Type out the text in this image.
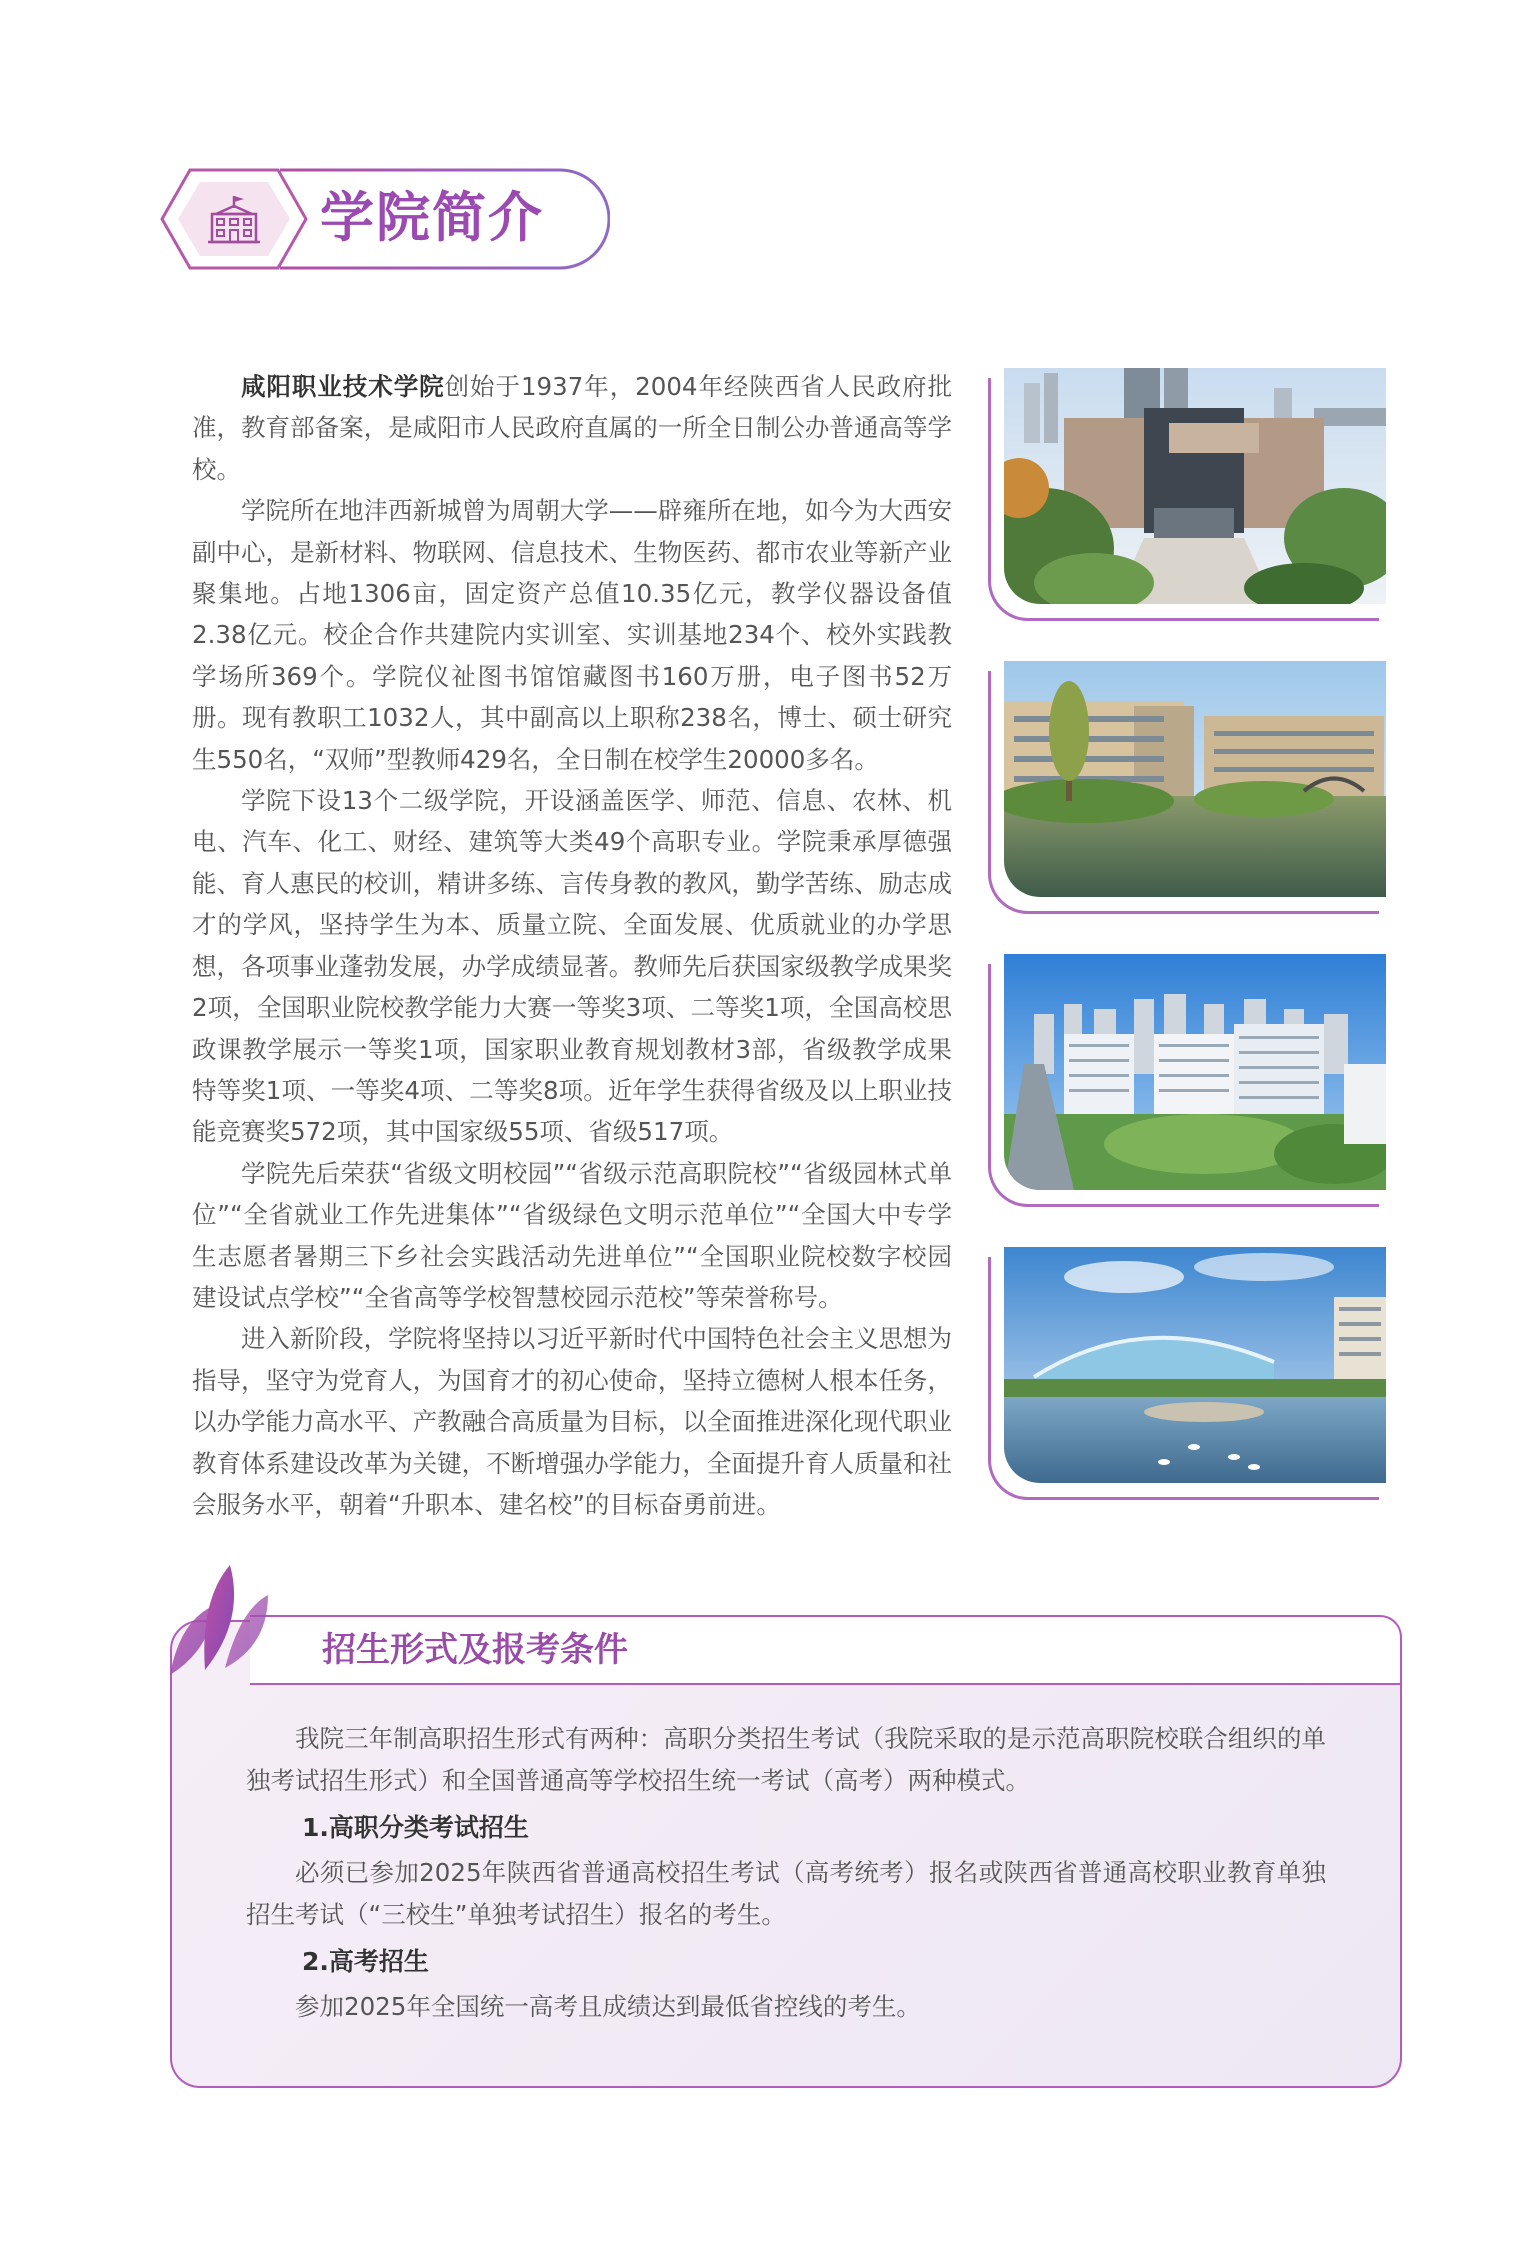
学院简介

咸阳职业技术学院创始于1937年，2004年经陕西省人民政府批准，教育部备案，是咸阳市人民政府直属的一所全日制公办普通高等学校。

学院所在地沣西新城曾为周朝大学——辟雍所在地，如今为大西安副中心，是新材料、物联网、信息技术、生物医药、都市农业等新产业聚集地。占地1306亩，固定资产总值10.35亿元，教学仪器设备值2.38亿元。校企合作共建院内实训室、实训基地234个、校外实践教学场所369个。学院仪祉图书馆馆藏图书160万册，电子图书52万册。现有教职工1032人，其中副高以上职称238名，博士、硕士研究生550名，“双师”型教师429名，全日制在校学生20000多名。

学院下设13个二级学院，开设涵盖医学、师范、信息、农林、机电、汽车、化工、财经、建筑等大类49个高职专业。学院秉承厚德强能、育人惠民的校训，精讲多练、言传身教的教风，勤学苦练、励志成才的学风，坚持学生为本、质量立院、全面发展、优质就业的办学思想，各项事业蓬勃发展，办学成绩显著。教师先后获国家级教学成果奖2项，全国职业院校教学能力大赛一等奖3项、二等奖1项，全国高校思政课教学展示一等奖1项，国家职业教育规划教材3部，省级教学成果特等奖1项、一等奖4项、二等奖8项。近年学生获得省级及以上职业技能竞赛奖572项，其中国家级55项、省级517项。

学院先后荣获“省级文明校园”“省级示范高职院校”“省级园林式单位”“全省就业工作先进集体”“省级绿色文明示范单位”“全国大中专学生志愿者暑期三下乡社会实践活动先进单位”“全国职业院校数字校园建设试点学校”“全省高等学校智慧校园示范校”等荣誉称号。

进入新阶段，学院将坚持以习近平新时代中国特色社会主义思想为指导，坚守为党育人，为国育才的初心使命，坚持立德树人根本任务，以办学能力高水平、产教融合高质量为目标，以全面推进深化现代职业教育体系建设改革为关键，不断增强办学能力，全面提升育人质量和社会服务水平，朝着“升职本、建名校”的目标奋勇前进。

招生形式及报考条件

我院三年制高职招生形式有两种：高职分类招生考试（我院采取的是示范高职院校联合组织的单独考试招生形式）和全国普通高等学校招生统一考试（高考）两种模式。

1.高职分类考试招生

必须已参加2025年陕西省普通高校招生考试（高考统考）报名或陕西省普通高校职业教育单独招生考试（“三校生”单独考试招生）报名的考生。

2.高考招生

参加2025年全国统一高考且成绩达到最低省控线的考生。
